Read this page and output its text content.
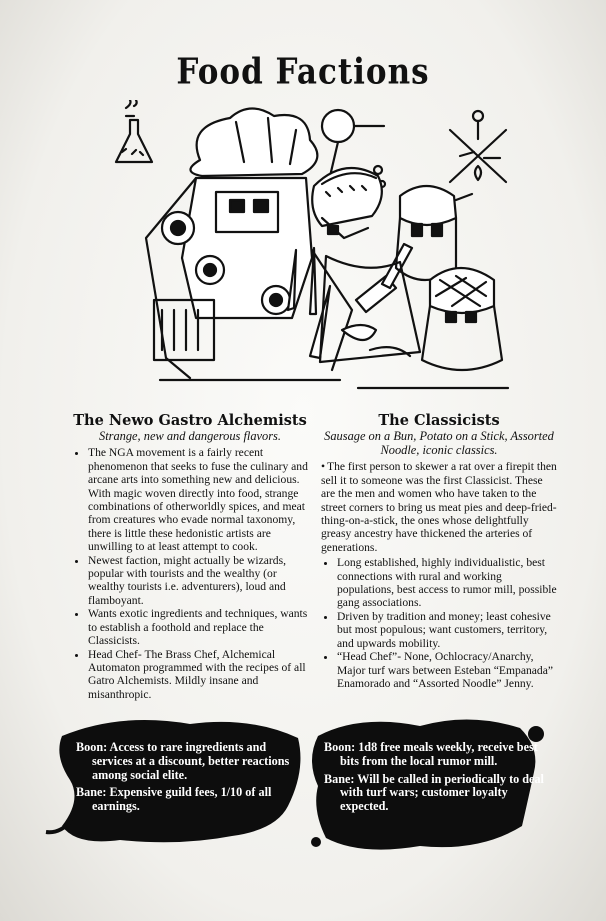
Food Factions
The Newo Gastro Alchemists
Strange, new and dangerous flavors.
• The NGA movement is a fairly recent phenomenon that seeks to fuse the culinary and arcane arts into something new and delicious. With magic woven directly into food, strange combinations of otherworldly spices, and meat from creatures who evade normal taxonomy, there is little these hedonistic artists are unwilling to at least attempt to cook.
• Newest faction, might actually be wizards, popular with tourists and the wealthy (or wealthy tourists i.e. adventurers), loud and flamboyant.
• Wants exotic ingredients and techniques, wants to establish a foothold and replace the Classicists.
• Head Chef- The Brass Chef, Alchemical Automaton programmed with the recipes of all Gatro Alchemists. Mildly insane and misanthropic.
The Classicists
Sausage on a Bun, Potato on a Stick, Assorted Noodle, iconic classics.

• The first person to skewer a rat over a firepit then sell it to someone was the first Classicist. These are the men and women who have taken to the street corners to bring us meat pies and deep-fried-thing-on-a-stick, the ones whose delightfully greasy ancestry have thickened the arteries of generations.

• Long established, highly individualistic, best connections with rural and working populations, best access to rumor mill, possible gang associations.
• Driven by tradition and money; least cohesive but most populous; want customers, territory, and upwards mobility.
• “Head Chef”- None, Ochlocracy/Anarchy, Major turf wars between Esteban “Empanada” Enamorado and “Assorted Noodle” Jenny.

Boon: Access to rare ingredients and services at a discount, better reactions among social elite.

Bane: Expensive guild fees, 1/10 of all earnings.

Boon: 1d8 free meals weekly, receive best bits from the local rumor mill.

Bane: Will be called in periodically to deal with turf wars; customer loyalty expected.
